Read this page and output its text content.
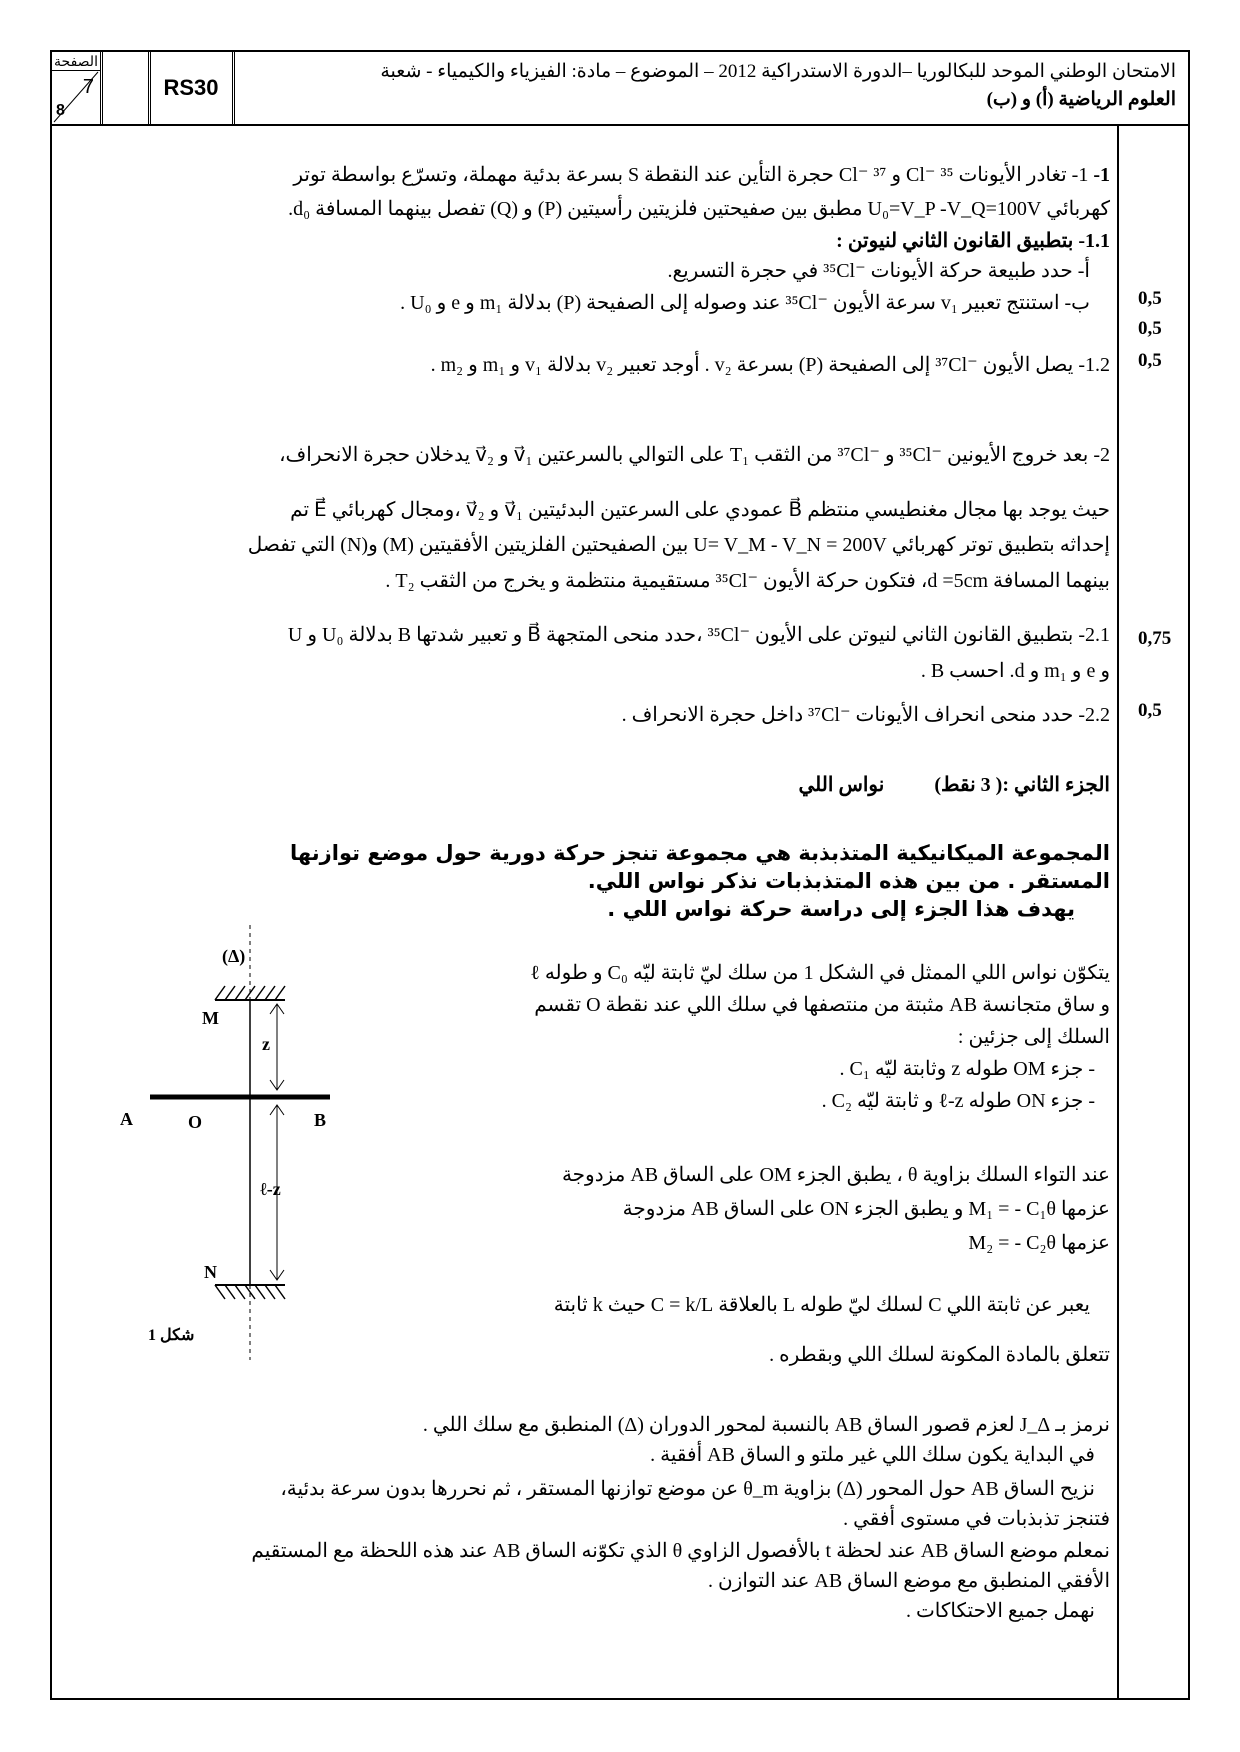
الصفحة
7
8
RS30
الامتحان الوطني الموحد للبكالوريا –الدورة الاستدراكية 2012 – الموضوع – مادة: الفيزياء والكيمياء - شعبة
العلوم الرياضية (أ) و (ب)
0,5
0,5
0,5
0,75
0,5
1- 1- تغادر الأيونات ‎Cl⁻ ³⁵‎ و ‎Cl⁻ ³⁷‎ حجرة التأين عند النقطة S بسرعة بدئية مهملة، وتسرّع بواسطة توتر
كهربائي U₀=V_P -V_Q=100V مطبق بين صفيحتين فلزيتين رأسيتين (P) و (Q) تفصل بينهما المسافة d₀.
1.1- بتطبيق القانون الثاني لنيوتن :
أ- حدد طبيعة حركة الأيونات ‎³⁵Cl⁻‎ في حجرة التسريع.
ب- استنتج تعبير v₁ سرعة الأيون ‎³⁵Cl⁻‎ عند وصوله إلى الصفيحة (P) بدلالة m₁ و e و U₀ .
1.2- يصل الأيون ‎³⁷Cl⁻‎ إلى الصفيحة (P) بسرعة v₂ . أوجد تعبير v₂ بدلالة v₁ و m₁ و m₂ .
2- بعد خروج الأيونين ‎³⁵Cl⁻‎ و ‎³⁷Cl⁻‎ من الثقب T₁ على التوالي بالسرعتين v⃗₁ و v⃗₂ يدخلان حجرة الانحراف،
حيث يوجد بها مجال مغنطيسي منتظم B⃗ عمودي على السرعتين البدئيتين v⃗₁ و v⃗₂ ،ومجال كهربائي E⃗ تم
إحداثه بتطبيق توتر كهربائي U= V_M - V_N = 200V بين الصفيحتين الفلزيتين الأفقيتين (M) و(N) التي تفصل
بينهما المسافة d =5cm، فتكون حركة الأيون ‎³⁵Cl⁻‎ مستقيمية منتظمة و يخرج من الثقب T₂ .
2.1- بتطبيق القانون الثاني لنيوتن على الأيون ‎³⁵Cl⁻‎ ،حدد منحى المتجهة B⃗ و تعبير شدتها B بدلالة U₀ و U
و e و m₁ و d. احسب B .
2.2- حدد منحى انحراف الأيونات ‎³⁷Cl⁻‎ داخل حجرة الانحراف .
الجزء الثاني :( 3 نقط)          نواس اللي
المجموعة الميكانيكية المتذبذبة هي مجموعة تنجز حركة دورية حول موضع توازنها
المستقر . من بين هذه المتذبذبات نذكر نواس اللي.
يهدف هذا الجزء إلى دراسة حركة نواس اللي .
يتكوّن نواس اللي الممثل في الشكل 1 من سلك ليّ ثابتة ليّه C₀ و طوله ℓ
و ساق متجانسة AB مثبتة من منتصفها في سلك اللي عند نقطة O تقسم
السلك إلى جزئين :
- جزء OM طوله z وثابتة ليّه C₁ .
- جزء ON طوله ℓ-z و ثابتة ليّه C₂ .
عند التواء السلك بزاوية θ ، يطبق الجزء OM على الساق AB مزدوجة
عزمها M₁ = - C₁θ و يطبق الجزء ON على الساق AB مزدوجة
عزمها M₂ = - C₂θ
يعبر عن ثابتة اللي C لسلك ليّ طوله L بالعلاقة C = k/L حيث k ثابتة
تتعلق بالمادة المكونة لسلك اللي وبقطره .
نرمز بـ J_Δ لعزم قصور الساق AB بالنسبة لمحور الدوران (Δ) المنطبق مع سلك اللي .
في البداية يكون سلك اللي غير ملتو و الساق AB أفقية .
نزيح الساق AB حول المحور (Δ) بزاوية θ_m عن موضع توازنها المستقر ، ثم نحررها بدون سرعة بدئية،
فتنجز تذبذبات في مستوى أفقي .
نمعلم موضع الساق AB عند لحظة t بالأفصول الزاوي θ الذي تكوّنه الساق AB عند هذه اللحظة مع المستقيم
الأفقي المنطبق مع موضع الساق AB عند التوازن .
نهمل جميع الاحتكاكات .
(Δ)
M
z
A	O	B
ℓ-z
N
شكل 1
